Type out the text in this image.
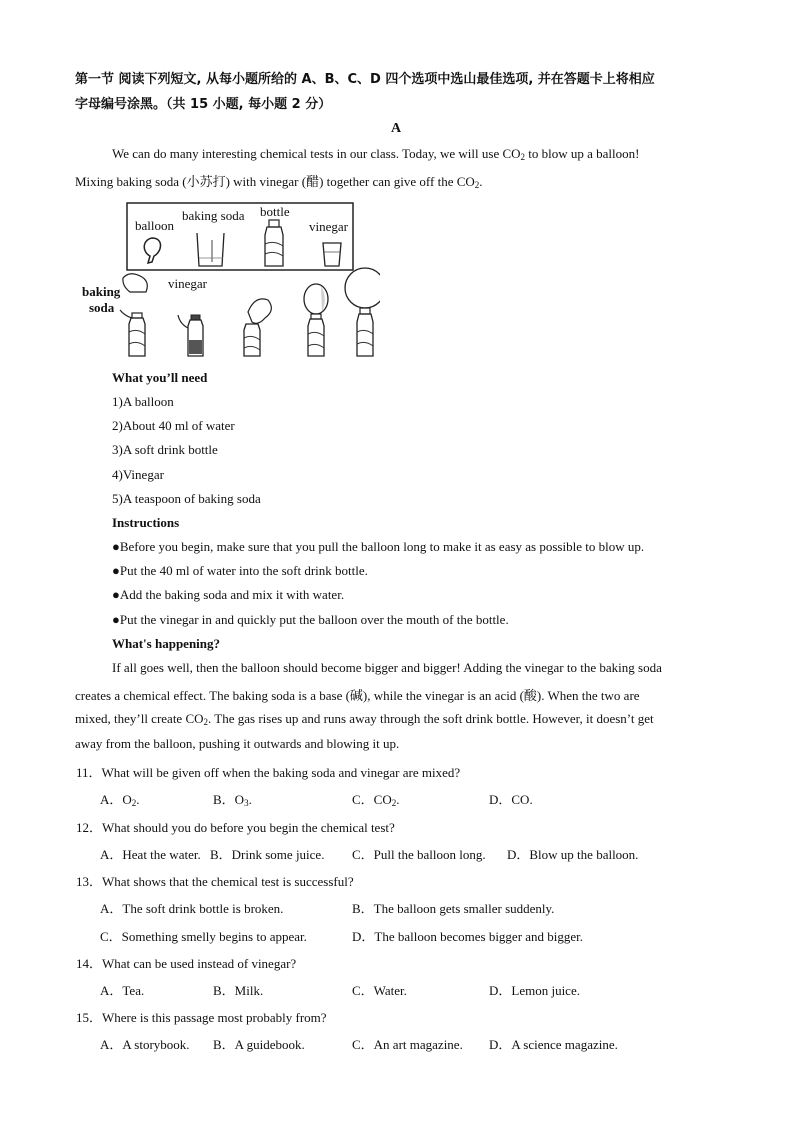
第一节 阅读下列短文, 从每小题所给的 A、B、C、D 四个选项中选山最佳选项, 并在答题卡上将相应
字母编号涂黑。（共 15 小题, 每小题 2 分）
A
We can do many interesting chemical tests in our class. Today, we will use $CO_2$ to blow up a balloon!
Mixing baking soda (小苏打) with vinegar (醋) together can give off the $CO_2$.
balloon
baking soda bottle
vinegar
baking
soda
vinegar
What you’ll need
1)A balloon
2)About 40 ml of water
3)A soft drink bottle
4)Vinegar
5)A teaspoon of baking soda
Instructions
●Before you begin, make sure that you pull the balloon long to make it as easy as possible to blow up.
●Put the 40 ml of water into the soft drink bottle.
●Add the baking soda and mix it with water.
●Put the vinegar in and quickly put the balloon over the mouth of the bottle.
What's happening?
If all goes well, then the balloon should become bigger and bigger! Adding the vinegar to the baking soda
creates a chemical effect. The baking soda is a base (碱), while the vinegar is an acid (酸). When the two are
mixed, they’ll create $CO_2$. The gas rises up and runs away through the soft drink bottle. However, it doesn’t get
away from the balloon, pushing it outwards and blowing it up.
11．What will be given off when the baking soda and vinegar are mixed?
A．$O_2$.	B．$O_3$.	C．$CO_2$.	D．CO.
12．What should you do before you begin the chemical test?
A．Heat the water. B．Drink some juice. C．Pull the balloon long. D．Blow up the balloon.
13．What shows that the chemical test is successful?
A．The soft drink bottle is broken.	B．The balloon gets smaller suddenly.
C．Something smelly begins to appear.	D．The balloon becomes bigger and bigger.
14．What can be used instead of vinegar?
A．Tea.	B．Milk.	C．Water.	D．Lemon juice.
15．Where is this passage most probably from?
A．A storybook. B．A guidebook.	C．An art magazine. D．A science magazine.
